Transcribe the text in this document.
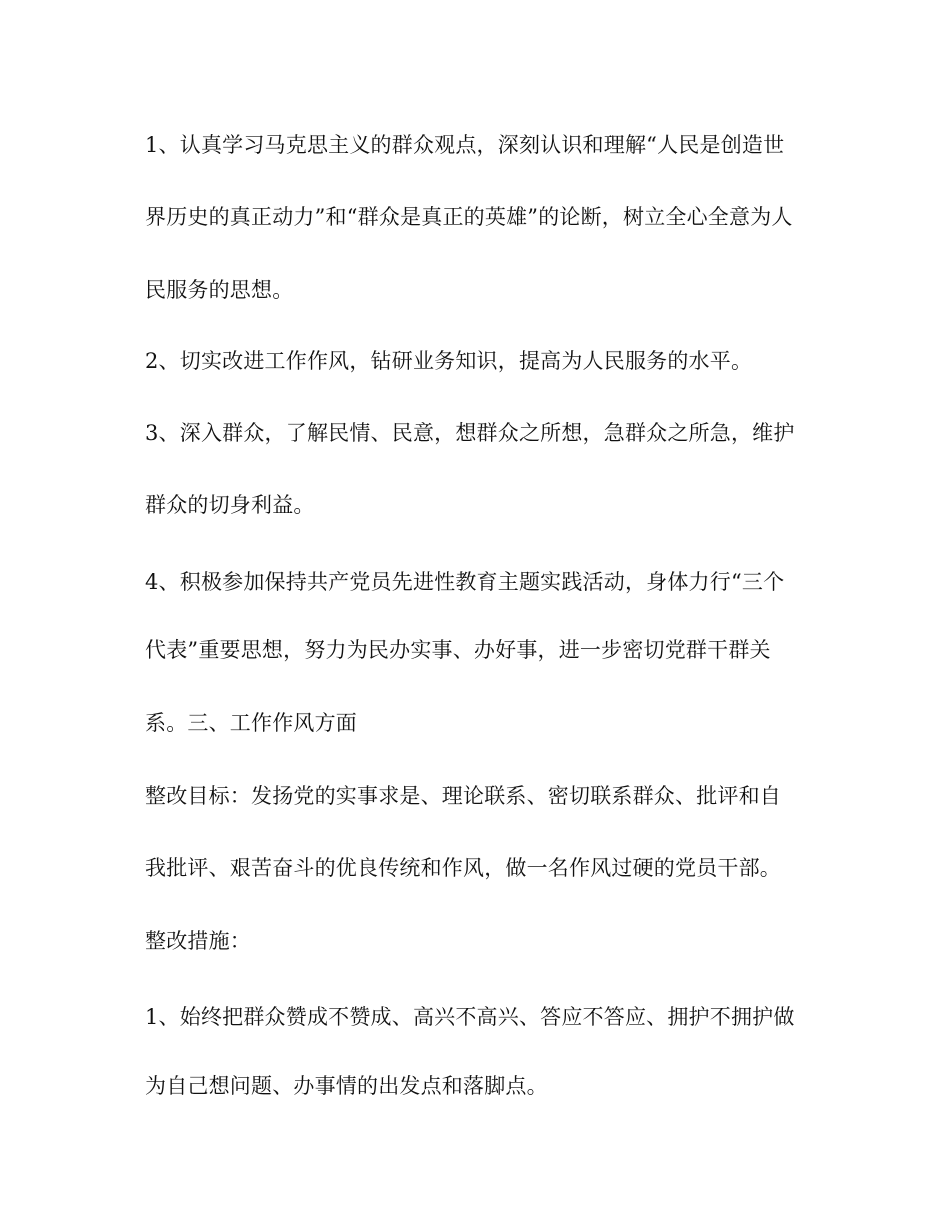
1、认真学习马克思主义的群众观点，深刻认识和理解“人民是创造世

界历史的真正动力”和“群众是真正的英雄”的论断，树立全心全意为人

民服务的思想。

2、切实改进工作作风，钻研业务知识，提高为人民服务的水平。

3、深入群众，了解民情、民意，想群众之所想，急群众之所急，维护

群众的切身利益。

4、积极参加保持共产党员先进性教育主题实践活动，身体力行“三个

代表”重要思想，努力为民办实事、办好事，进一步密切党群干群关

系。三、工作作风方面

整改目标：发扬党的实事求是、理论联系、密切联系群众、批评和自

我批评、艰苦奋斗的优良传统和作风，做一名作风过硬的党员干部。

整改措施：

1、始终把群众赞成不赞成、高兴不高兴、答应不答应、拥护不拥护做

为自己想问题、办事情的出发点和落脚点。
